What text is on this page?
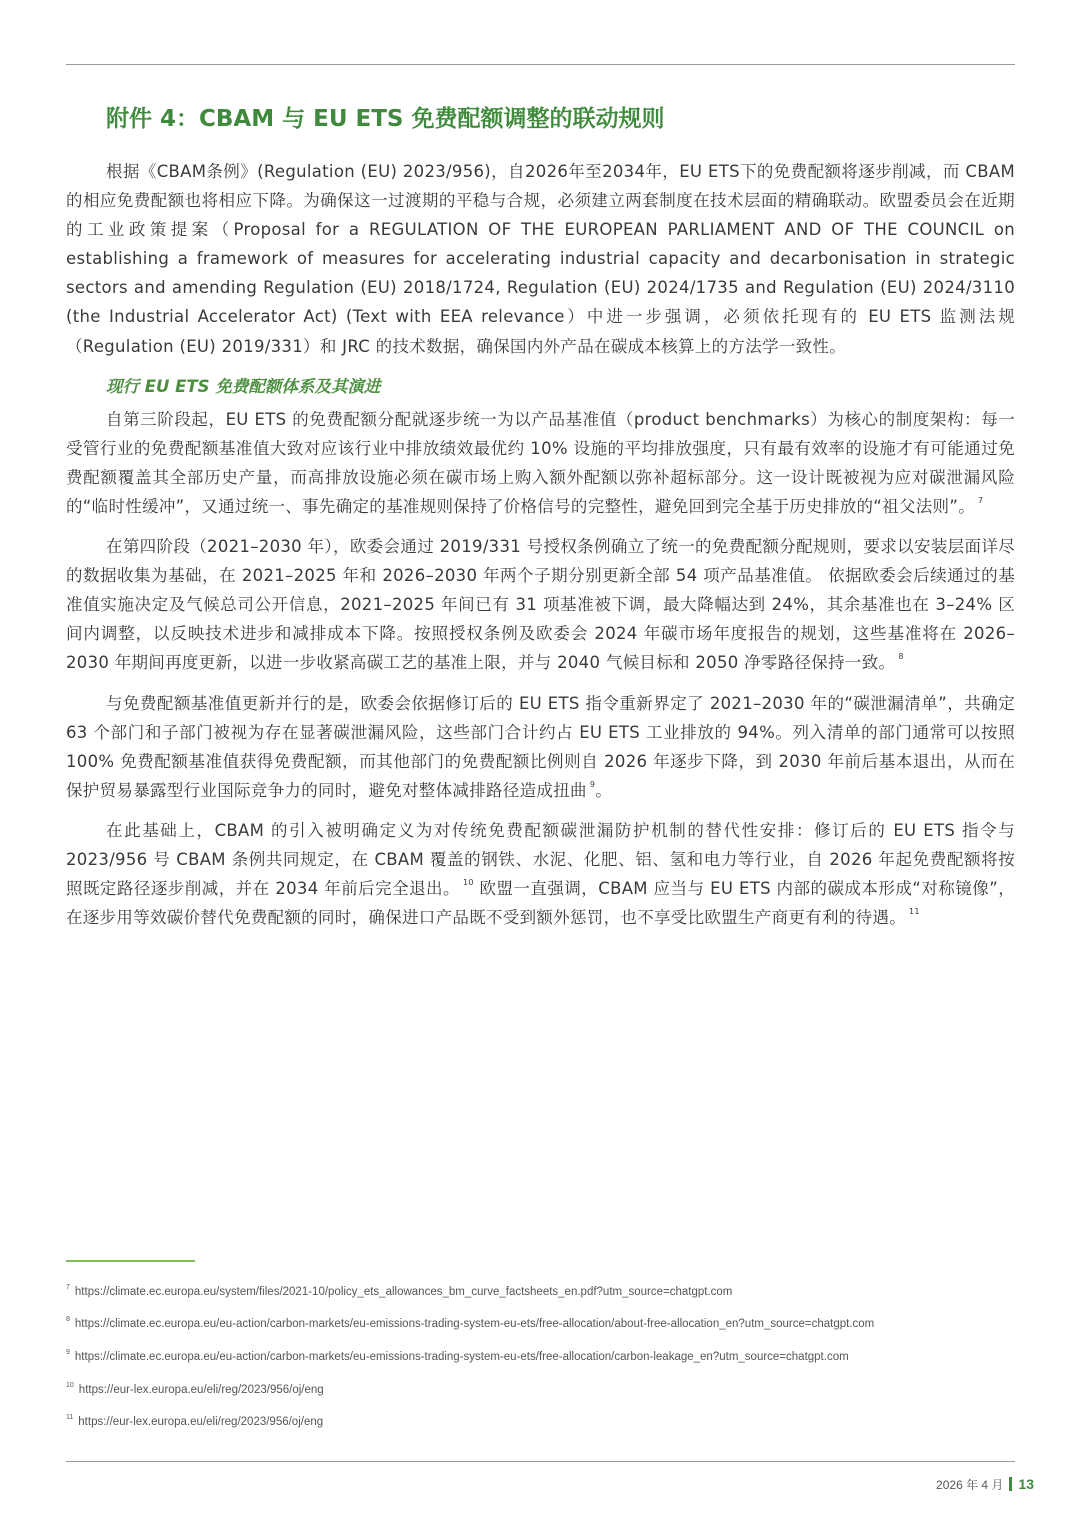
附件 4：CBAM 与 EU ETS 免费配额调整的联动规则

根据《CBAM条例》(Regulation (EU) 2023/956)，自2026年至2034年，EU ETS下的免费配额将逐步削减，而 CBAM 的相应免费配额也将相应下降。为确保这一过渡期的平稳与合规，必须建立两套制度在技术层面的精确联动。欧盟委员会在近期的工业政策提案（Proposal for a REGULATION OF THE EUROPEAN PARLIAMENT AND OF THE COUNCIL on establishing a framework of measures for accelerating industrial capacity and decarbonisation in strategic sectors and amending Regulation (EU) 2018/1724, Regulation (EU) 2024/1735 and Regulation (EU) 2024/3110 (the Industrial Accelerator Act) (Text with EEA relevance）中进一步强调，必须依托现有的 EU ETS 监测法规（Regulation (EU) 2019/331）和 JRC 的技术数据，确保国内外产品在碳成本核算上的方法学一致性。

现行 EU ETS 免费配额体系及其演进

自第三阶段起，EU ETS 的免费配额分配就逐步统一为以产品基准值（product benchmarks）为核心的制度架构：每一受管行业的免费配额基准值大致对应该行业中排放绩效最优约 10% 设施的平均排放强度，只有最有效率的设施才有可能通过免费配额覆盖其全部历史产量，而高排放设施必须在碳市场上购入额外配额以弥补超标部分。这一设计既被视为应对碳泄漏风险的“临时性缓冲”，又通过统一、事先确定的基准规则保持了价格信号的完整性，避免回到完全基于历史排放的“祖父法则”。 $^7$

在第四阶段（2021–2030 年），欧委会通过 2019/331 号授权条例确立了统一的免费配额分配规则，要求以安装层面详尽的数据收集为基础，在 2021–2025 年和 2026–2030 年两个子期分别更新全部 54 项产品基准值。 依据欧委会后续通过的基准值实施决定及气候总司公开信息，2021–2025 年间已有 31 项基准被下调，最大降幅达到 24%，其余基准也在 3–24% 区间内调整，以反映技术进步和减排成本下降。按照授权条例及欧委会 2024 年碳市场年度报告的规划，这些基准将在 2026–2030 年期间再度更新，以进一步收紧高碳工艺的基准上限，并与 2040 气候目标和 2050 净零路径保持一致。 $^8$

与免费配额基准值更新并行的是，欧委会依据修订后的 EU ETS 指令重新界定了 2021–2030 年的“碳泄漏清单”，共确定 63 个部门和子部门被视为存在显著碳泄漏风险，这些部门合计约占 EU ETS 工业排放的 94%。列入清单的部门通常可以按照 100% 免费配额基准值获得免费配额，而其他部门的免费配额比例则自 2026 年逐步下降，到 2030 年前后基本退出，从而在保护贸易暴露型行业国际竞争力的同时，避免对整体减排路径造成扭曲 $^9$。

在此基础上，CBAM 的引入被明确定义为对传统免费配额碳泄漏防护机制的替代性安排：修订后的 EU ETS 指令与 2023/956 号 CBAM 条例共同规定，在 CBAM 覆盖的钢铁、水泥、化肥、铝、氢和电力等行业，自 2026 年起免费配额将按照既定路径逐步削减，并在 2034 年前后完全退出。 $^{10}$ 欧盟一直强调，CBAM 应当与 EU ETS 内部的碳成本形成“对称镜像”，在逐步用等效碳价替代免费配额的同时，确保进口产品既不受到额外惩罚，也不享受比欧盟生产商更有利的待遇。 $^{11}$

$^7$ https://climate.ec.europa.eu/system/files/2021-10/policy_ets_allowances_bm_curve_factsheets_en.pdf?utm_source=chatgpt.com
$^8$ https://climate.ec.europa.eu/eu-action/carbon-markets/eu-emissions-trading-system-eu-ets/free-allocation/about-free-allocation_en?utm_source=chatgpt.com
$^9$ https://climate.ec.europa.eu/eu-action/carbon-markets/eu-emissions-trading-system-eu-ets/free-allocation/carbon-leakage_en?utm_source=chatgpt.com
$^{10}$ https://eur-lex.europa.eu/eli/reg/2023/956/oj/eng
$^{11}$ https://eur-lex.europa.eu/eli/reg/2023/956/oj/eng
2026 年 4 月 13
